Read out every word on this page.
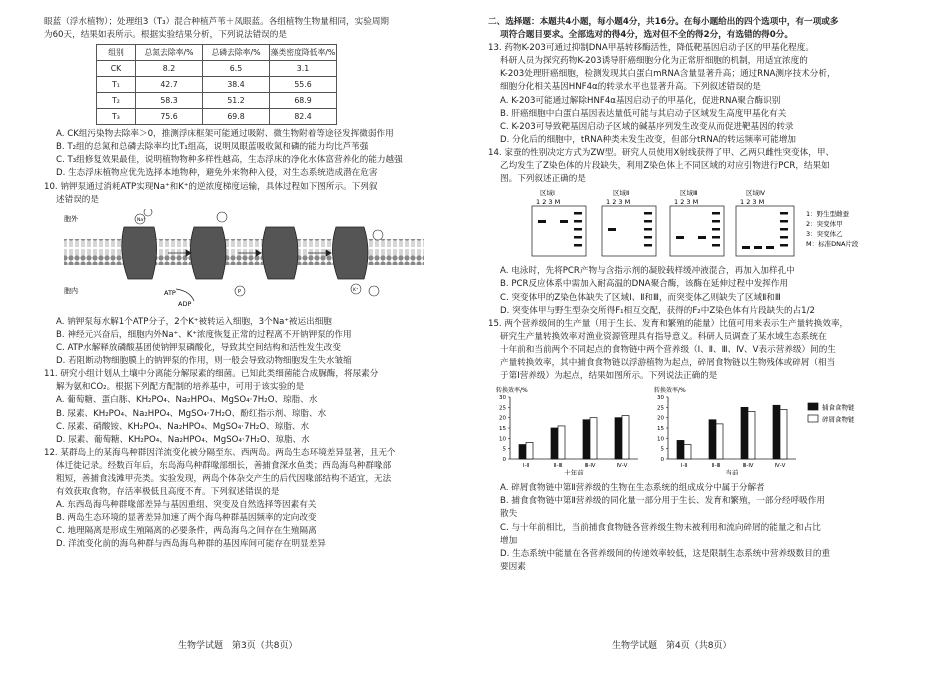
眼蓝（浮水植物）；处理组3（T₃）混合种植芦苇＋凤眼蓝。各组植物生物量相同，实验周期

为60天，结果如表所示。根据实验结果分析，下列说法错误的是

组别	总氮去除率/%	总磷去除率/%	藻类密度降低率/%
CK	8.2	6.5	3.1
T₁	42.7	38.4	55.6
T₂	58.3	51.2	68.9
T₃	75.6	69.8	82.4

A. CK组污染物去除率＞0，推测浮床框架可能通过吸附、微生物附着等途径发挥微弱作用

B. T₂组的总氮和总磷去除率均比T₁组高，说明凤眼蓝吸收氮和磷的能力均比芦苇强

C. T₃组修复效果最佳，说明植物物种多样性越高，生态浮床的净化水体富营养化的能力越强

D. 生态浮床植物应优先选择本地物种，避免外来物种入侵，对生态系统造成潜在危害

10. 钠钾泵通过消耗ATP实现Na⁺和K⁺的逆浓度梯度运输，具体过程如下图所示。下列叙

述错误的是

胞外
胞内
Na⁺
K⁺
P
ATP
ADP

A. 钠钾泵每水解1个ATP分子，2个K⁺被转运入细胞，3个Na⁺被运出细胞

B. 神经元兴奋后，细胞内外Na⁺、K⁺浓度恢复正常的过程离不开钠钾泵的作用

C. ATP水解释放磷酸基团使钠钾泵磷酸化，导致其空间结构和活性发生改变

D. 若阻断动物细胞膜上的钠钾泵的作用，则一般会导致动物细胞发生失水皱缩

11. 研究小组计划从土壤中分离能分解尿素的细菌。已知此类细菌能合成脲酶，将尿素分

解为氨和CO₂。根据下列配方配制的培养基中，可用于该实验的是

A. 葡萄糖、蛋白胨、KH₂PO₄、Na₂HPO₄、MgSO₄·7H₂O、琼脂、水

B. 尿素、KH₂PO₄、Na₂HPO₄、MgSO₄·7H₂O、酚红指示剂、琼脂、水

C. 尿素、硝酸铵、KH₂PO₄、Na₂HPO₄、MgSO₄·7H₂O、琼脂、水

D. 尿素、葡萄糖、KH₂PO₄、Na₂HPO₄、MgSO₄·7H₂O、琼脂、水

12. 某群岛上的某海鸟种群因洋流变化被分隔至东、西两岛。两岛生态环境差异显著，且无个

体迁徙记录。经数百年后，东岛海鸟种群喙部细长，善捕食深水鱼类；西岛海鸟种群喙部

粗短，善捕食浅滩甲壳类。实验发现，两岛个体杂交产生的后代因喙部结构不适宜，无法

有效获取食物，存活率极低且高度不育。下列叙述错误的是

A. 东西岛海鸟种群喙部差异与基因重组、突变及自然选择等因素有关

B. 两岛生态环境的显著差异加速了两个海鸟种群基因频率的定向改变

C. 地理隔离是形成生殖隔离的必要条件，两岛海鸟之间存在生殖隔离

D. 洋流变化前的海鸟种群与西岛海鸟种群的基因库间可能存在明显差异

二、选择题：本题共4小题，每小题4分，共16分。在每小题给出的四个选项中，有一项或多

项符合题目要求。全部选对的得4分，选对但不全的得2分，有选错的得0分。

13. 药物K-203可通过抑制DNA甲基转移酶活性，降低靶基因启动子区的甲基化程度。

科研人员为探究药物K-203诱导肝癌细胞分化为正常肝细胞的机制，用适宜浓度的

K-203处理肝癌细胞，检测发现其白蛋白mRNA含量显著升高；通过RNA测序技术分析，

细胞分化相关基因HNF4α的转录水平也显著升高。下列叙述错误的是

A. K-203可能通过解除HNF4α基因启动子的甲基化，促进RNA聚合酶识别

B. 肝癌细胞中白蛋白基因表达量低可能与其启动子区域发生高度甲基化有关

C. K-203可导致靶基因启动子区域的碱基序列发生改变从而促进靶基因的转录

D. 分化后的细胞中，tRNA种类未发生改变，但部分tRNA的转运频率可能增加

14. 家蚕的性别决定方式为ZW型。研究人员使用X射线获得了甲、乙两只雌性突变体，甲、

乙均发生了Z染色体的片段缺失，利用Z染色体上不同区域的对应引物进行PCR，结果如

图。下列叙述正确的是

区域Ⅰ	区域Ⅱ	区域Ⅲ	区域Ⅳ
1 2 3 M	1 2 3 M	1 2 3 M	1 2 3 M
1：野生型雌蚕
2：突变体甲
3：突变体乙
M：标准DNA片段

A. 电泳时，先将PCR产物与含指示剂的凝胶载样缓冲液混合，再加入加样孔中

B. PCR反应体系中需加入耐高温的DNA聚合酶，该酶在延伸过程中发挥作用

C. 突变体甲的Z染色体缺失了区域Ⅰ、Ⅱ和Ⅲ，而突变体乙则缺失了区域Ⅱ和Ⅲ

D. 突变体甲与野生型杂交所得F₁相互交配，获得的F₂中Z染色体有片段缺失的占1/2

15. 两个营养级间的生产量（用于生长、发育和繁殖的能量）比值可用来表示生产量转换效率，

研究生产量转换效率对渔业资源管理具有指导意义。科研人员调查了某水域生态系统在

十年前和当前两个不同起点的食物链中两个营养级（Ⅰ、Ⅱ、Ⅲ、Ⅳ、Ⅴ表示营养级）间的生

产量转换效率，其中捕食食物链以浮游植物为起点，碎屑食物链以生物残体或碎屑（相当

于第Ⅰ营养级）为起点，结果如图所示。下列说法正确的是

转换效率/%
0
5
10
15
20
25
30
Ⅰ-Ⅱ	Ⅱ-Ⅲ	Ⅲ-Ⅳ	Ⅳ-Ⅴ
十年前
转换效率/%
0
5
10
15
20
25
30
Ⅰ-Ⅱ	Ⅱ-Ⅲ	Ⅲ-Ⅳ	Ⅳ-Ⅴ
当前
捕食食物链
碎屑食物链

A. 碎屑食物链中第Ⅱ营养级的生物在生态系统的组成成分中属于分解者

B. 捕食食物链中第Ⅱ营养级的同化量一部分用于生长、发育和繁殖，一部分经呼吸作用

散失

C. 与十年前相比，当前捕食食物链各营养级生物未被利用和流向碎屑的能量之和占比

增加

D. 生态系统中能量在各营养级间的传递效率较低，这是限制生态系统中营养级数目的重

要因素

生物学试题　第3页（共8页）	生物学试题　第4页（共8页）
